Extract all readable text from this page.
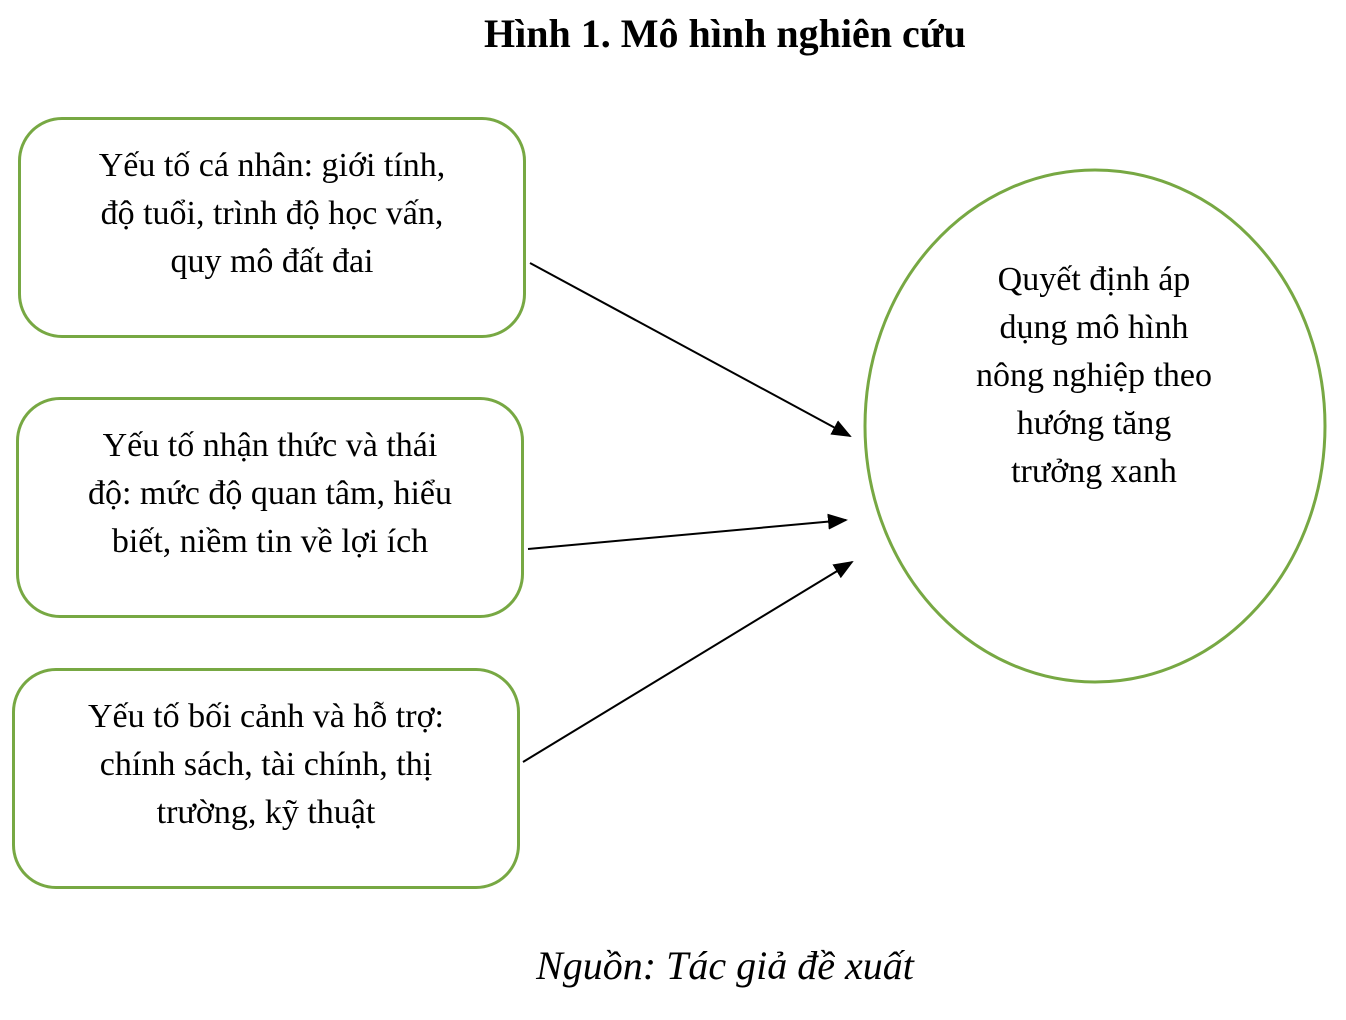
Hình 1. Mô hình nghiên cứu
Yếu tố cá nhân: giới tính,
độ tuổi, trình độ học vấn,
quy mô đất đai
Yếu tố nhận thức và thái
độ: mức độ quan tâm, hiểu
biết, niềm tin về lợi ích
Yếu tố bối cảnh và hỗ trợ:
chính sách, tài chính, thị
trường, kỹ thuật
Quyết định áp
dụng mô hình
nông nghiệp theo
hướng tăng
trưởng xanh
Nguồn: Tác giả đề xuất
